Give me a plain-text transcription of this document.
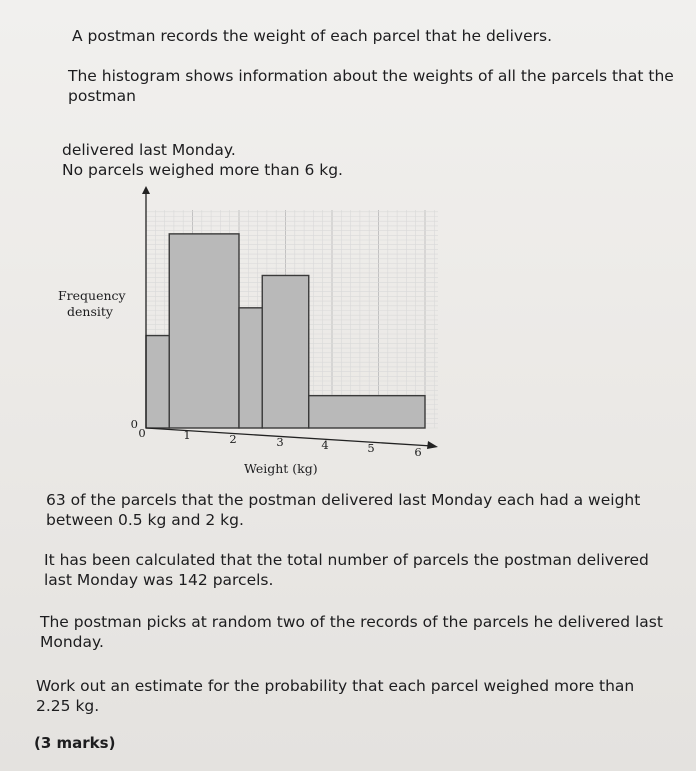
A postman records the weight of each parcel that he delivers.

The histogram shows information about the weights of all the parcels that the postman

delivered last Monday.
No parcels weighed more than 6 kg.
Frequency density
0	1	2	3	4	5	6
0
Weight (kg)

63 of the parcels that the postman delivered last Monday each had a weight between 0.5 kg and 2 kg.

It has been calculated that the total number of parcels the postman delivered last Monday was 142 parcels.

The postman picks at random two of the records of the parcels he delivered last Monday.

Work out an estimate for the probability that each parcel weighed more than 2.25 kg.

(3 marks)
